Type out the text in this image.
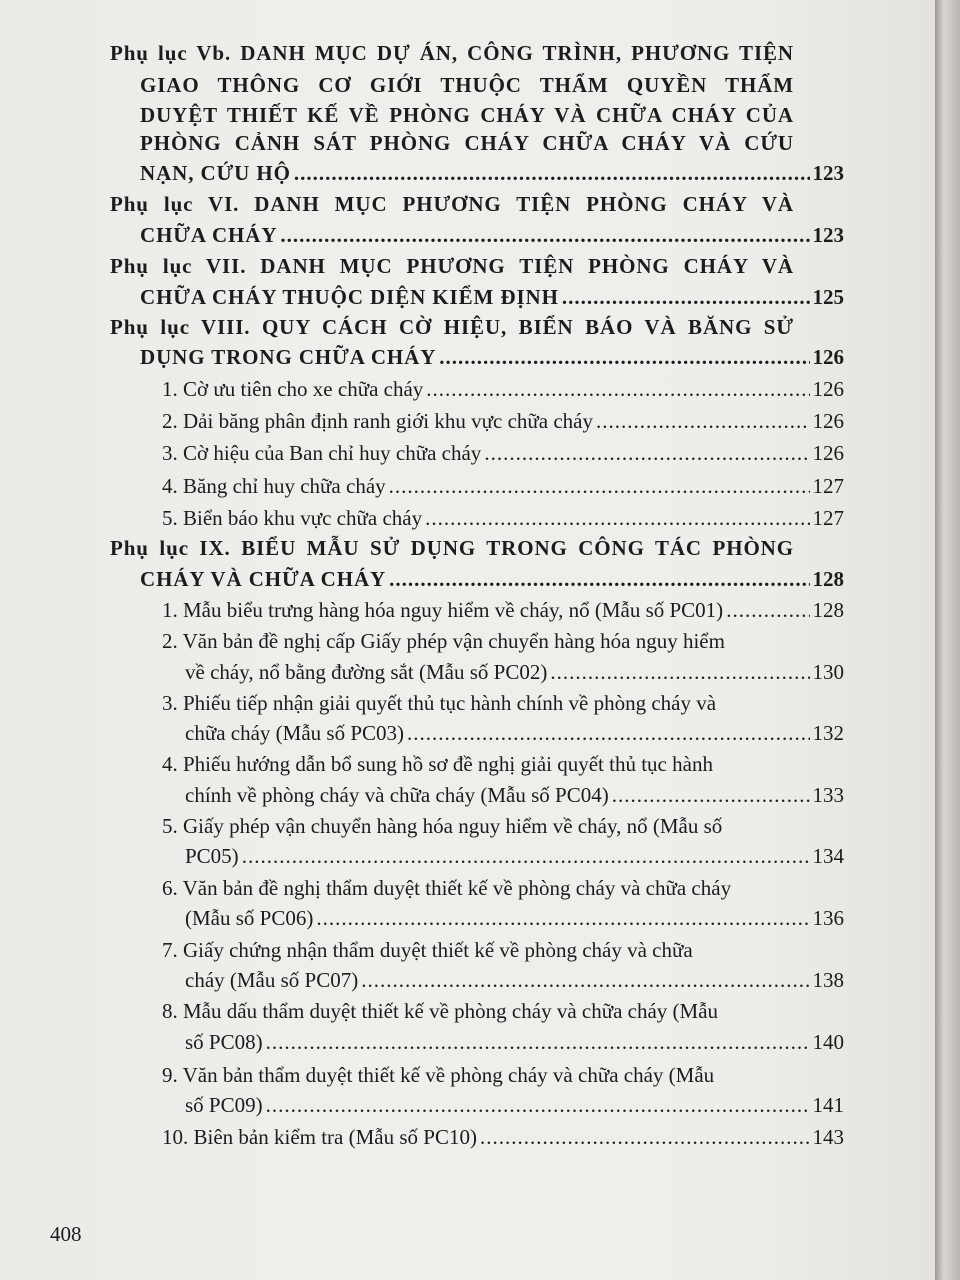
Phụ lục Vb. DANH MỤC DỰ ÁN, CÔNG TRÌNH, PHƯƠNG TIỆN
GIAO THÔNG CƠ GIỚI THUỘC THẨM QUYỀN THẨM
DUYỆT THIẾT KẾ VỀ PHÒNG CHÁY VÀ CHỮA CHÁY CỦA
PHÒNG CẢNH SÁT PHÒNG CHÁY CHỮA CHÁY VÀ CỨU
NẠN, CỨU HỘ .....	123
Phụ lục VI. DANH MỤC PHƯƠNG TIỆN PHÒNG CHÁY VÀ
CHỮA CHÁY .....	123
Phụ lục VII. DANH MỤC PHƯƠNG TIỆN PHÒNG CHÁY VÀ
CHỮA CHÁY THUỘC DIỆN KIỂM ĐỊNH .....	125
Phụ lục VIII. QUY CÁCH CỜ HIỆU, BIỂN BÁO VÀ BĂNG SỬ
DỤNG TRONG CHỮA CHÁY .....	126
1. Cờ ưu tiên cho xe chữa cháy .....	126
2. Dải băng phân định ranh giới khu vực chữa cháy .....	126
3. Cờ hiệu của Ban chỉ huy chữa cháy .....	126
4. Băng chỉ huy chữa cháy .....	127
5. Biển báo khu vực chữa cháy .....	127
Phụ lục IX. BIỂU MẪU SỬ DỤNG TRONG CÔNG TÁC PHÒNG
CHÁY VÀ CHỮA CHÁY .....	128
1. Mẫu biểu trưng hàng hóa nguy hiểm về cháy, nổ (Mẫu số PC01) .....	128
2. Văn bản đề nghị cấp Giấy phép vận chuyển hàng hóa nguy hiểm
về cháy, nổ bằng đường sắt (Mẫu số PC02) .....	130
3. Phiếu tiếp nhận giải quyết thủ tục hành chính về phòng cháy và
chữa cháy (Mẫu số PC03) .....	132
4. Phiếu hướng dẫn bổ sung hồ sơ đề nghị giải quyết thủ tục hành
chính về phòng cháy và chữa cháy (Mẫu số PC04) .....	133
5. Giấy phép vận chuyển hàng hóa nguy hiểm về cháy, nổ (Mẫu số
PC05) .....	134
6. Văn bản đề nghị thẩm duyệt thiết kế về phòng cháy và chữa cháy
(Mẫu số PC06) .....	136
7. Giấy chứng nhận thẩm duyệt thiết kế về phòng cháy và chữa
cháy (Mẫu số PC07) .....	138
8. Mẫu dấu thẩm duyệt thiết kế về phòng cháy và chữa cháy (Mẫu
số PC08) .....	140
9. Văn bản thẩm duyệt thiết kế về phòng cháy và chữa cháy (Mẫu
số PC09) .....	141
10. Biên bản kiểm tra (Mẫu số PC10) .....	143
408
